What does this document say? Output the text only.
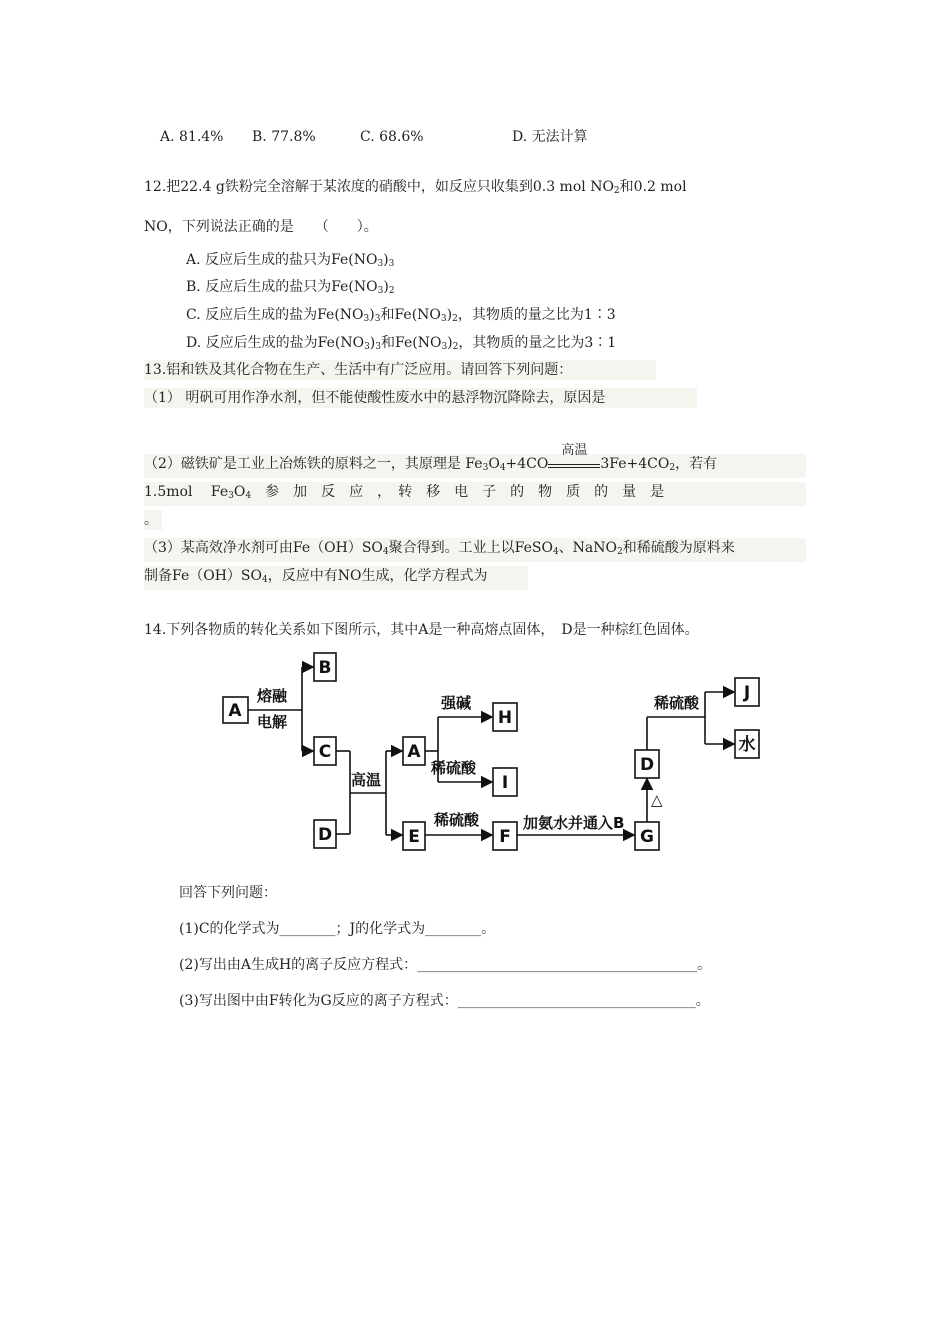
A. 81.4% B. 77.8%	C. 68.6%	D. 无法计算
12.把22.4 g铁粉完全溶解于某浓度的硝酸中，如反应只收集到0.3 mol $NO_2$和0.2 mol
NO，下列说法正确的是　　（　　）。
A. 反应后生成的盐只为$Fe(NO_3)_3$
B. 反应后生成的盐只为$Fe(NO_3)_2$
C. 反应后生成的盐为$Fe(NO_3)_3$和$Fe(NO_3)_2$，其物质的量之比为1∶3
D. 反应后生成的盐为$Fe(NO_3)_3$和$Fe(NO_3)_2$，其物质的量之比为3∶1
13.铝和铁及其化合物在生产、生活中有广泛应用。请回答下列问题：
（1） 明矾可用作净水剂，但不能使酸性废水中的悬浮物沉降除去，原因是
（2）磁铁矿是工业上冶炼铁的原料之一，其原理是 $Fe_3O_4+4CO$
高温
$3Fe+4CO_2$，若有
1.5mol　 $Fe_3O_4$　参　加　反　应　，　转　移　电　子　的　物　质　的　量　是
。
（3）某高效净水剂可由$Fe(OH)SO_4$聚合得到。工业上以FeSO$_4$、NaNO$_2$和稀硫酸为原料来
制备$Fe(OH)SO_4$，反应中有NO生成，化学方程式为
14.下列各物质的转化关系如下图所示，其中A是一种高熔点固体，　D是一种棕红色固体。
A
B
C
D
A
E
H
I
F	G
D
J
水
熔融
电解
高温
强碱
稀硫酸
稀硫酸	加氨水并通入B
△
稀硫酸
回答下列问题：
(1)C的化学式为________；J的化学式为________。
(2)写出由A生成H的离子反应方程式：________________________________________。
(3)写出图中由F转化为G反应的离子方程式：__________________________________。
